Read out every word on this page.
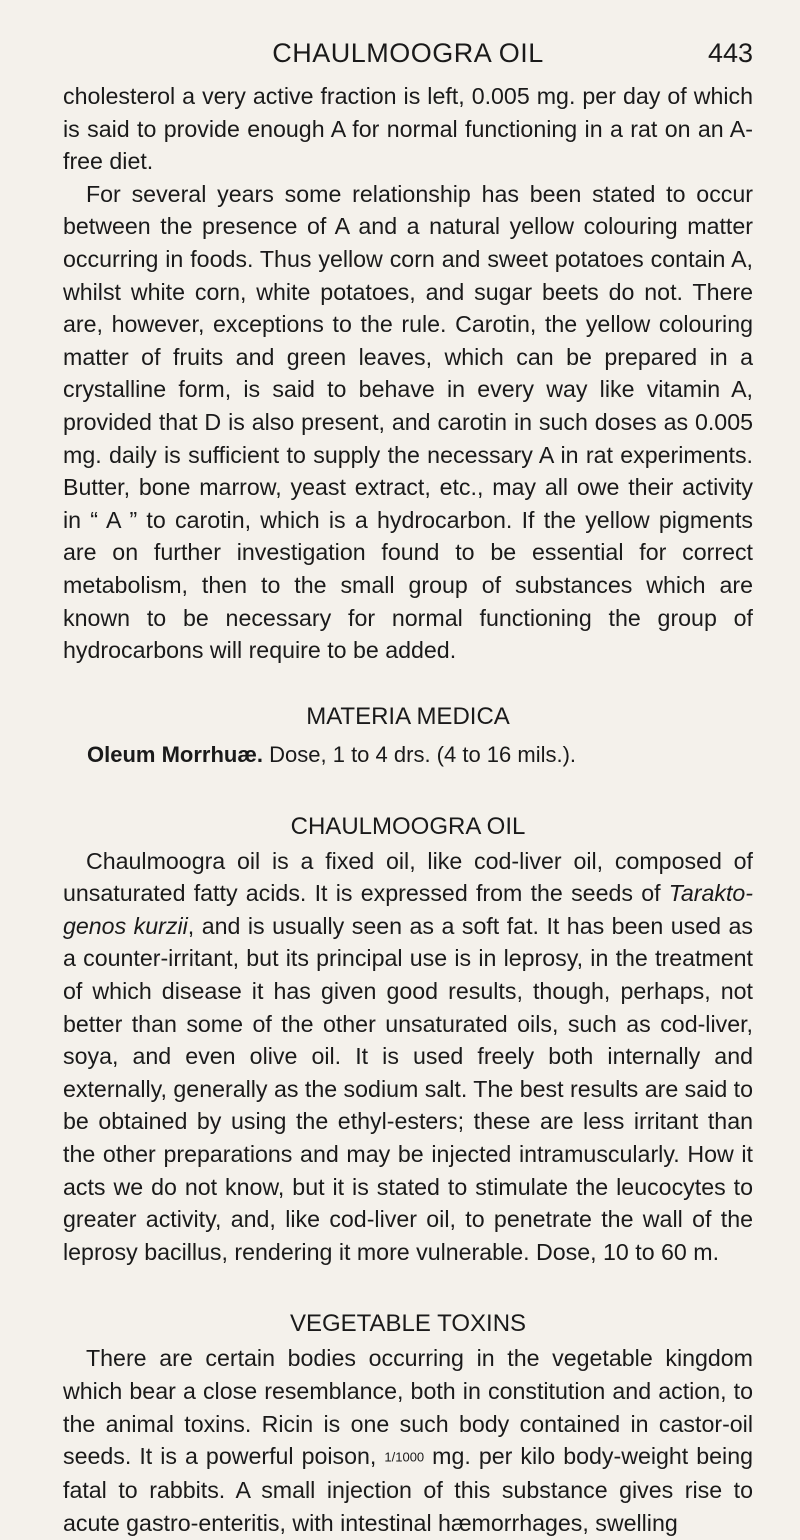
CHAULMOOGRA OIL	443

cholesterol a very active fraction is left, 0.005 mg. per day of which is said to provide enough A for normal functioning in a rat on an A-free diet.

For several years some relationship has been stated to occur between the presence of A and a natural yellow colouring matter occurring in foods. Thus yellow corn and sweet potatoes contain A, whilst white corn, white potatoes, and sugar beets do not. There are, however, exceptions to the rule. Carotin, the yellow colouring matter of fruits and green leaves, which can be prepared in a crystalline form, is said to behave in every way like vitamin A, provided that D is also present, and carotin in such doses as 0.005 mg. daily is sufficient to supply the necessary A in rat experiments. Butter, bone marrow, yeast extract, etc., may all owe their activity in “ A ” to carotin, which is a hydrocarbon. If the yellow pigments are on further investigation found to be essential for correct metabolism, then to the small group of substances which are known to be necessary for normal functioning the group of hydrocarbons will require to be added.

MATERIA MEDICA

Oleum Morrhuæ. Dose, 1 to 4 drs. (4 to 16 mils.).

CHAULMOOGRA OIL

Chaulmoogra oil is a fixed oil, like cod-liver oil, composed of unsaturated fatty acids. It is expressed from the seeds of Tarakto-genos kurzii, and is usually seen as a soft fat. It has been used as a counter-irritant, but its principal use is in leprosy, in the treatment of which disease it has given good results, though, perhaps, not better than some of the other unsaturated oils, such as cod-liver, soya, and even olive oil. It is used freely both internally and externally, generally as the sodium salt. The best results are said to be obtained by using the ethyl-esters; these are less irritant than the other preparations and may be injected intramuscularly. How it acts we do not know, but it is stated to stimulate the leucocytes to greater activity, and, like cod-liver oil, to penetrate the wall of the leprosy bacillus, rendering it more vulnerable. Dose, 10 to 60 m.

VEGETABLE TOXINS

There are certain bodies occurring in the vegetable kingdom which bear a close resemblance, both in constitution and action, to the animal toxins. Ricin is one such body contained in castor-oil seeds. It is a powerful poison, 1/1000 mg. per kilo body-weight being fatal to rabbits. A small injection of this substance gives rise to acute gastro-enteritis, with intestinal hæmorrhages, swelling
